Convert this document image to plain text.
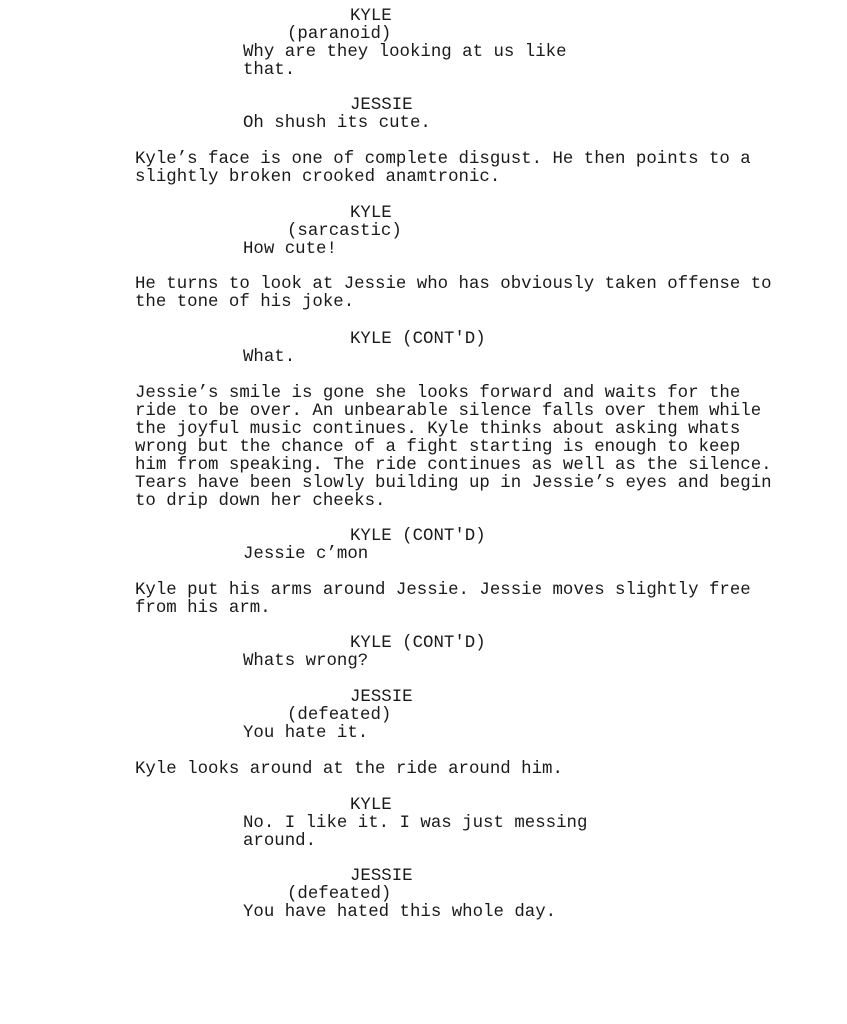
KYLE

(paranoid)

Why are they looking at us like
that.

JESSIE

Oh shush its cute.

Kyle’s face is one of complete disgust. He then points to a
slightly broken crooked anamtronic.

KYLE

(sarcastic)

How cute!

He turns to look at Jessie who has obviously taken offense to
the tone of his joke.

KYLE (CONT'D)

What.

Jessie’s smile is gone she looks forward and waits for the
ride to be over. An unbearable silence falls over them while
the joyful music continues. Kyle thinks about asking whats
wrong but the chance of a fight starting is enough to keep
him from speaking. The ride continues as well as the silence.
Tears have been slowly building up in Jessie’s eyes and begin
to drip down her cheeks.

KYLE (CONT'D)

Jessie c’mon

Kyle put his arms around Jessie. Jessie moves slightly free
from his arm.

KYLE (CONT'D)

Whats wrong?

JESSIE

(defeated)

You hate it.

Kyle looks around at the ride around him.

KYLE

No. I like it. I was just messing
around.

JESSIE

(defeated)

You have hated this whole day.
